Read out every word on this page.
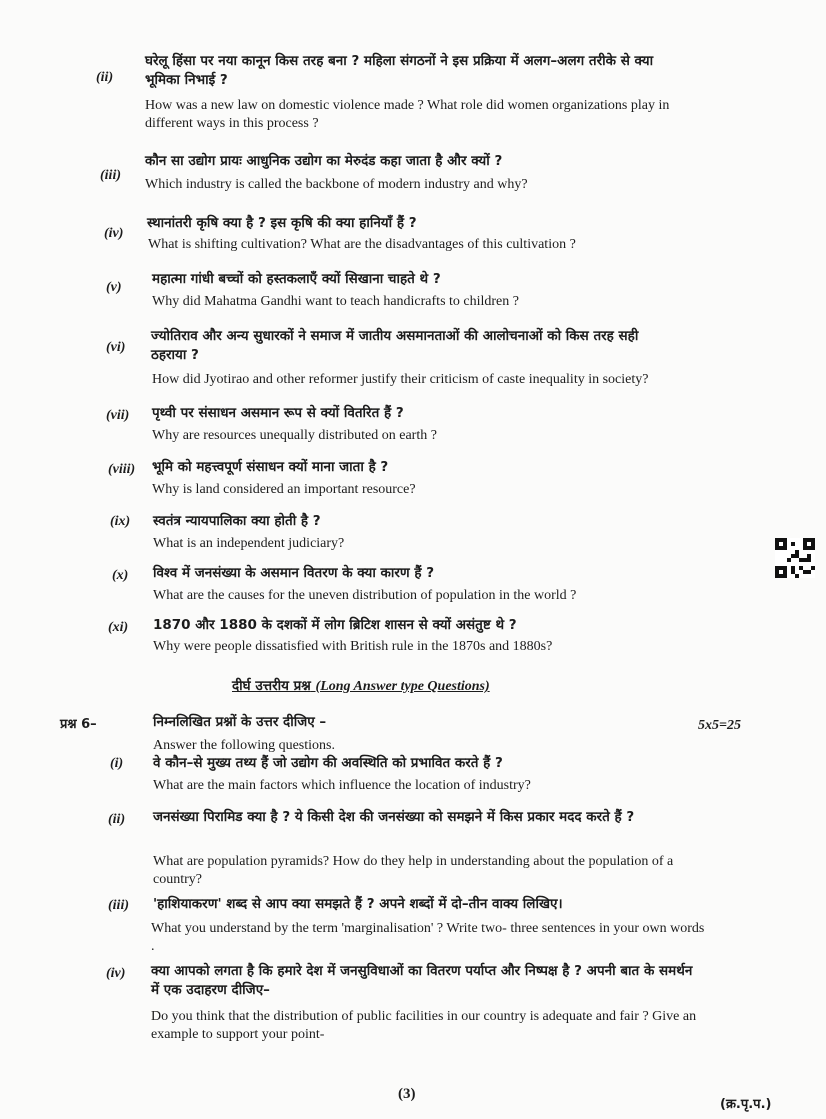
(ii)
घरेलू हिंसा पर नया कानून किस तरह बना ? महिला संगठनों ने इस प्रक्रिया में अलग–अलग तरीके से क्या भूमिका निभाई ?
How was a new law on domestic violence made ? What role did women organizations play in different ways in this process ?
(iii)
कौन सा उद्योग प्रायः आधुनिक उद्योग का मेरुदंड कहा जाता है और क्यों ?
Which industry is called the backbone of modern industry and why?
(iv)
स्थानांतरी कृषि क्या है ? इस कृषि की क्या हानियाँ हैं ?
What is shifting cultivation? What are the disadvantages of this cultivation ?
(v)
महात्मा गांधी बच्चों को हस्तकलाएँ क्यों सिखाना चाहते थे ?
Why did Mahatma Gandhi want to teach handicrafts to children ?
(vi)
ज्योतिराव और अन्य सुधारकों ने समाज में जातीय असमानताओं की आलोचनाओं को किस तरह सही ठहराया ?
How did Jyotirao and other reformer justify their criticism of caste inequality in society?
(vii) पृथ्वी पर संसाधन असमान रूप से क्यों वितरित हैं ?
Why are resources unequally distributed on earth ?
(viii) भूमि को महत्त्वपूर्ण संसाधन क्यों माना जाता है ?
Why is land considered an important resource?
(ix) स्वतंत्र न्यायपालिका क्या होती है ?
What is an independent judiciary?
(x) विश्व में जनसंख्या के असमान वितरण के क्या कारण हैं ?
What are the causes for the uneven distribution of population in the world ?
(xi) 1870 और 1880 के दशकों में लोग ब्रिटिश शासन से क्यों असंतुष्ट थे ?
Why were people dissatisfied with British rule in the 1870s and 1880s?
दीर्घ उत्तरीय प्रश्न (Long Answer type Questions)
प्रश्न 6–	निम्नलिखित प्रश्नों के उत्तर दीजिए –	5x5=25
Answer the following questions.
(i) वे कौन–से मुख्य तथ्य हैं जो उद्योग की अवस्थिति को प्रभावित करते हैं ?
What are the main factors which influence the location of industry?
(ii) जनसंख्या पिरामिड क्या है ? ये किसी देश की जनसंख्या को समझने में किस प्रकार मदद करते हैं ?
What are population pyramids? How do they help in understanding about the population of a country?
(iii) 'हाशियाकरण' शब्द से आप क्या समझते हैं ? अपने शब्दों में दो–तीन वाक्य लिखिए।
What you understand by the term 'marginalisation' ? Write two- three sentences in your own words .
(iv) क्या आपको लगता है कि हमारे देश में जनसुविधाओं का वितरण पर्याप्त और निष्पक्ष है ? अपनी बात के समर्थन में एक उदाहरण दीजिए–
Do you think that the distribution of public facilities in our country is adequate and fair ? Give an example to support your point-
(3)
(क्र.पृ.प.)
